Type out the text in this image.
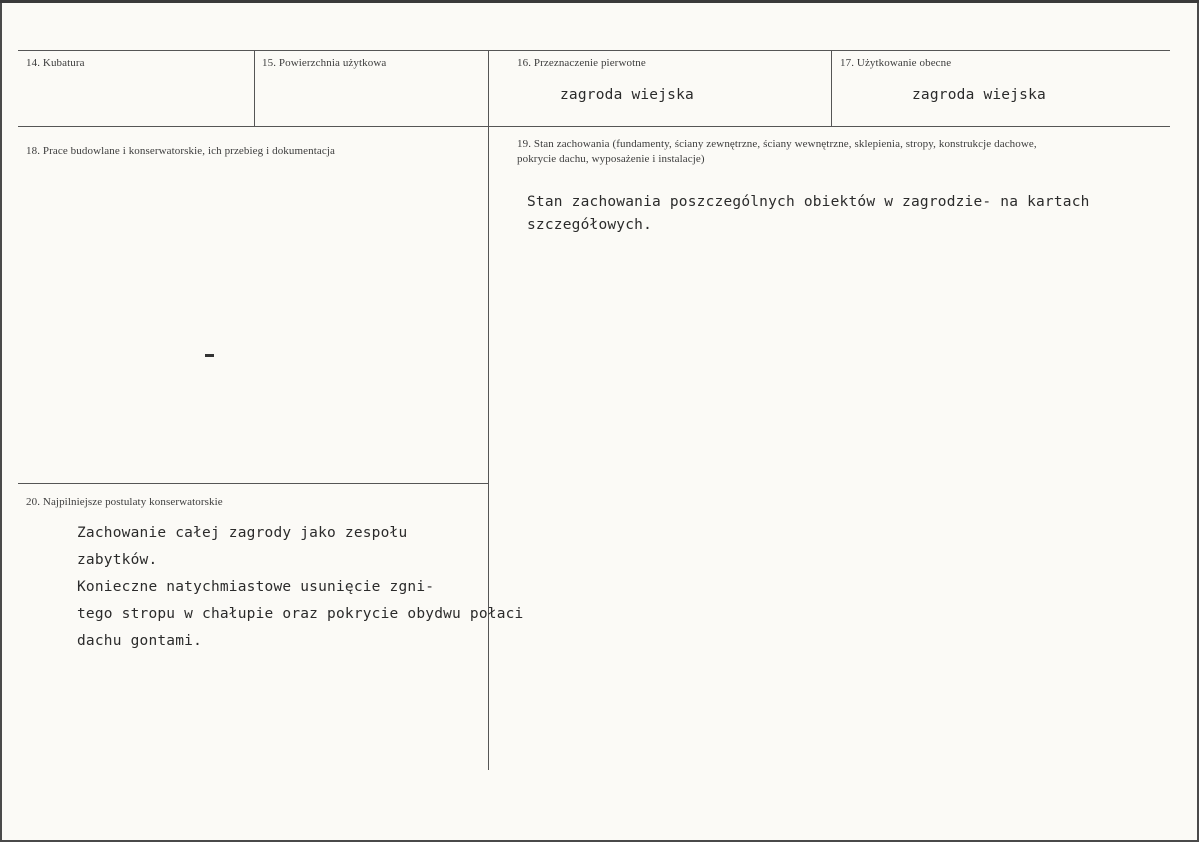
14. Kubatura	15. Powierzchnia użytkowa	16. Przeznaczenie pierwotne
zagroda wiejska
17. Użytkowanie obecne
zagroda wiejska
18. Prace budowlane i konserwatorskie, ich przebieg i dokumentacja
19. Stan zachowania (fundamenty, ściany zewnętrzne, ściany wewnętrzne, sklepienia, stropy, konstrukcje dachowe, pokrycie dachu, wyposażenie i instalacje)
Stan zachowania poszczególnych obiektów w zagrodzie- na kartach
szczegółowych.
20. Najpilniejsze postulaty konserwatorskie
Zachowanie całej zagrody jako zespołu
zabytków.
Konieczne natychmiastowe usunięcie zgni-
tego stropu w chałupie oraz pokrycie obydwu połaci
dachu gontami.
